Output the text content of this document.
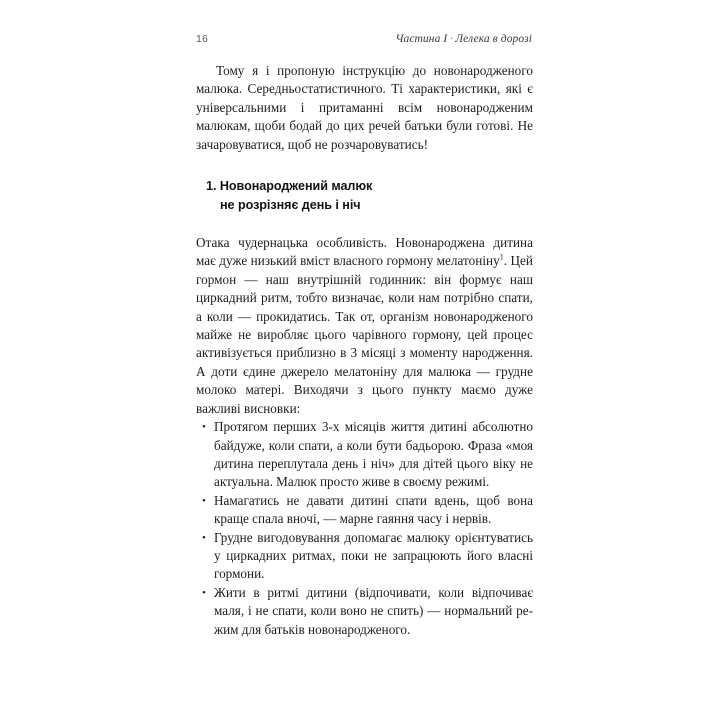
16	Частина I · Лелека в дорозі

Тому я і пропоную інструкцію до новонародженого малюка. Середньостатистичного. Ті характеристики, які є універсальними і притаманні всім новонародженим малюкам, щоби бодай до цих речей батьки були готові. Не зачаровуватися, щоб не розчаровуватись!

1. Новонароджений малюк
не розрізняє день і ніч

Отака чудернацька особливість. Новонароджена дитина має дуже низький вміст власного гормону мелатоніну$^1$. Цей гормон — наш внутрішній годинник: він формує наш циркадний ритм, тобто визначає, коли нам потрібно спати, а коли — прокидатись. Так от, організм новонародженого майже не виробляє цього чарівного гормону, цей процес активізується приблизно в 3 місяці з моменту народження. А доти єдине джерело мелатоніну для малюка — грудне молоко матері. Виходячи з цього пункту маємо дуже важливі висновки:

• Протягом перших 3-х місяців життя дитині абсолютно байдуже, коли спати, а коли бути бадьорою. Фраза «моя дитина переплутала день і ніч» для дітей цього віку не актуальна. Малюк просто живе в своєму режимі.
• Намагатись не давати дитині спати вдень, щоб вона краще спала вночі, — марне гаяння часу і нервів.
• Грудне вигодовування допомагає малюку орієнтуватись у циркадних ритмах, поки не запрацюють його власні гормони.
• Жити в ритмі дитини (відпочивати, коли відпочиває маля, і не спати, коли воно не спить) — нормальний режим для батьків новонародженого.
